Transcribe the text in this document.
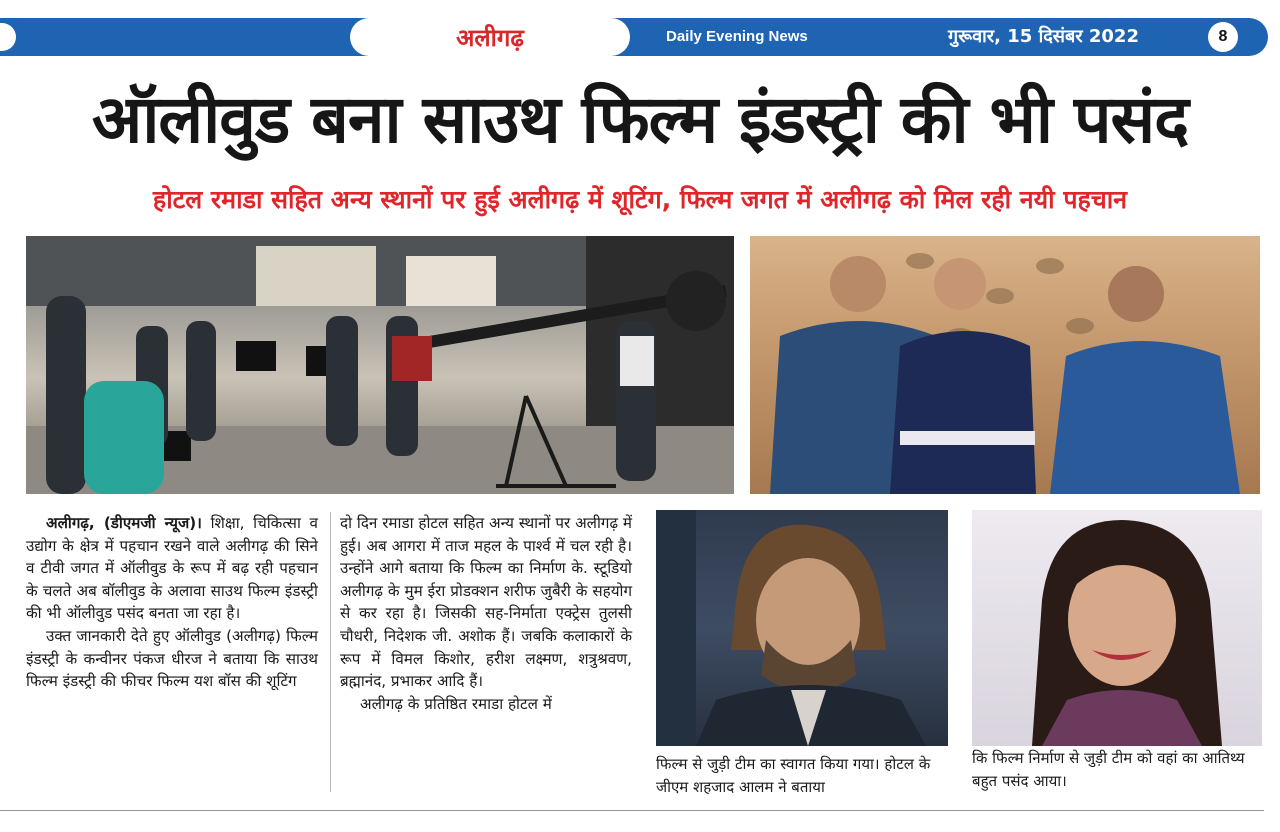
अलीगढ़	Daily Evening News	गुरूवार, 15 दिसंबर 2022	8
ऑलीवुड बना साउथ फिल्म इंडस्ट्री की भी पसंद
होटल रमाडा सहित अन्य स्थानों पर हुई अलीगढ़ में शूटिंग, फिल्म जगत में अलीगढ़ को मिल रही नयी पहचान

अलीगढ़, (डीएमजी न्यूज)। शिक्षा, चिकित्सा व उद्योग के क्षेत्र में पहचान रखने वाले अलीगढ़ की सिने व टीवी जगत में ऑलीवुड के रूप में बढ़ रही पहचान के चलते अब बॉलीवुड के अलावा साउथ फिल्म इंडस्ट्री की भी ऑलीवुड पसंद बनता जा रहा है।

उक्त जानकारी देते हुए ऑलीवुड (अलीगढ़) फिल्म इंडस्ट्री के कन्वीनर पंकज धीरज ने बताया कि साउथ फिल्म इंडस्ट्री की फीचर फिल्म यश बॉस की शूटिंग

दो दिन रमाडा होटल सहित अन्य स्थानों पर अलीगढ़ में हुई। अब आगरा में ताज महल के पार्श्व में चल रही है। उन्होंने आगे बताया कि फिल्म का निर्माण के. स्टूडियो अलीगढ़ के मुम ईरा प्रोडक्शन शरीफ जुबैरी के सहयोग से कर रहा है। जिसकी सह-निर्माता एक्ट्रेस तुलसी चौधरी, निदेशक जी. अशोक हैं। जबकि कलाकारों के रूप में विमल किशोर, हरीश लक्ष्मण, शत्रुश्रवण, ब्रह्मानंद, प्रभाकर आदि हैं।

अलीगढ़ के प्रतिष्ठित रमाडा होटल में

फिल्म से जुड़ी टीम का स्वागत किया गया। होटल के जीएम शहजाद आलम ने बताया
कि फिल्म निर्माण से जुड़ी टीम को वहां का आतिथ्य बहुत पसंद आया।
